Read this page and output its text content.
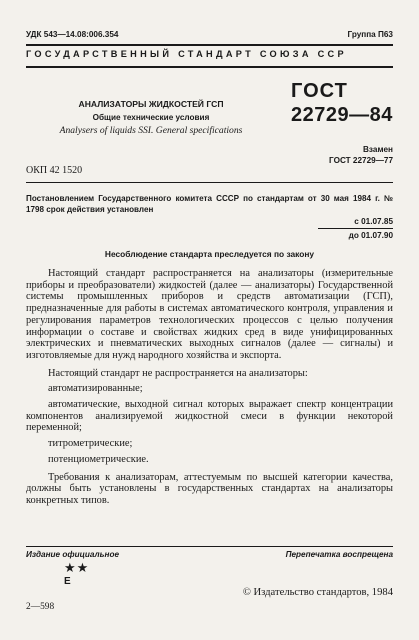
УДК 543—14.08:006.354	Группа П63
ГОСУДАРСТВЕННЫЙ СТАНДАРТ СОЮЗА ССР
АНАЛИЗАТОРЫ ЖИДКОСТЕЙ ГСП
Общие технические условия
Analysers of liquids SSI. General specifications
ГОСТ
22729—84
Взамен
ГОСТ 22729—77
ОКП 42 1520
Постановлением Государственного комитета СССР по стандартам от 30 мая 1984 г. № 1798 срок действия установлен
с 01.07.85
до 01.07.90
Несоблюдение стандарта преследуется по закону

Настоящий стандарт распространяется на анализаторы (измерительные приборы и преобразователи) жидкостей (далее — анализаторы) Государственной системы промышленных приборов и средств автоматизации (ГСП), предназначенные для работы в системах автоматического контроля, управления и регулирования параметров технологических процессов с целью получения информации о составе и свойствах жидких сред в виде унифицированных электрических и пневматических выходных сигналов (далее — сигналы) и изготовляемые для нужд народного хозяйства и экспорта.

Настоящий стандарт не распространяется на анализаторы:

автоматизированные;

автоматические, выходной сигнал которых выражает спектр концентрации компонентов анализируемой жидкостной смеси в функции некоторой переменной;

титрометрические;

потенциометрические.

Требования к анализаторам, аттестуемым по высшей категории качества, должны быть установлены в государственных стандартах на анализаторы конкретных типов.

Издание официальное	Перепечатка воспрещена
★★
E
© Издательство стандартов, 1984
2—598
